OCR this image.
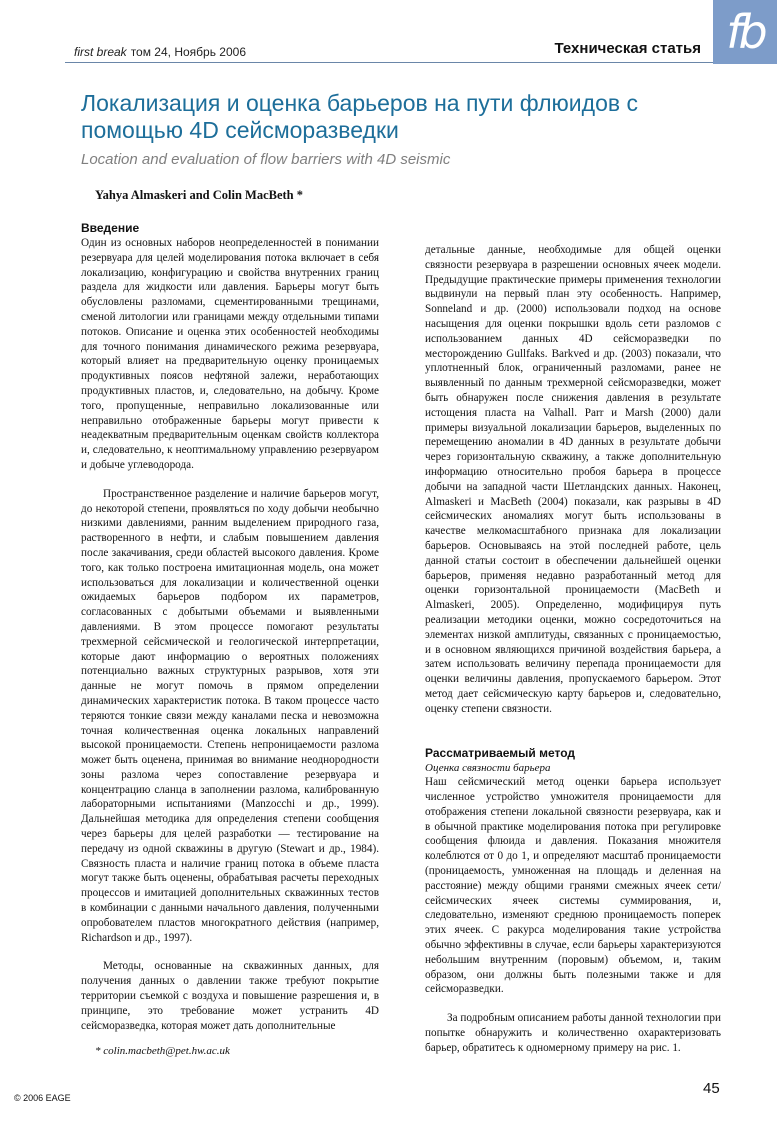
fb
first break том 24, Ноябрь 2006	Техническая статья
Локализация и оценка барьеров на пути флюидов с помощью 4D сейсморазведки
Location and evaluation of flow barriers with 4D seismic
Yahya Almaskeri and Colin MacBeth *

Введение

Один из основных наборов неопределенностей в понимании резервуара для целей моделирования потока включает в себя локализацию, конфигурацию и свойства внутренних границ раздела для жидкости или давления. Барьеры могут быть обусловлены разломами, сцементированными трещинами, сменой литологии или границами между отдельными типами потоков. Описание и оценка этих особенностей необходимы для точного понимания динамического режима резервуара, который влияет на предварительную оценку проницаемых продуктивных поясов нефтяной залежи, неработающих продуктивных пластов, и, следовательно, на добычу. Кроме того, пропущенные, неправильно локализованные или неправильно отображенные барьеры могут привести к неадекватным предварительным оценкам свойств коллектора и, следовательно, к неоптимальному управлению резервуаром и добыче углеводорода.

Пространственное разделение и наличие барьеров могут, до некоторой степени, проявляться по ходу добычи необычно низкими давлениями, ранним выделением природного газа, растворенного в нефти, и слабым повышением давления после закачивания, среди областей высокого давления. Кроме того, как только построена имитационная модель, она может использоваться для локализации и количественной оценки ожидаемых барьеров подбором их параметров, согласованных с добытыми объемами и выявленными давлениями. В этом процессе помогают результаты трехмерной сейсмической и геологической интерпретации, которые дают информацию о вероятных положениях потенциально важных структурных разрывов, хотя эти данные не могут помочь в прямом определении динамических характеристик потока. В таком процессе часто теряются тонкие связи между каналами песка и невозможна точная количественная оценка локальных направлений высокой проницаемости. Степень непроницаемости разлома может быть оценена, принимая во внимание неоднородности зоны разлома через сопоставление резервуара и концентрацию сланца в заполнении разлома, калиброванную лабораторными испытаниями (Manzocchi и др., 1999). Дальнейшая методика для определения степени сообщения через барьеры для целей разработки — тестирование на передачу из одной скважины в другую (Stewart и др., 1984). Связность пласта и наличие границ потока в объеме пласта могут также быть оценены, обрабатывая расчеты переходных процессов и имитацией дополнительных скважинных тестов в комбинации с данными начального давления, полученными опробователем пластов многократного действия (например, Richardson и др., 1997).

Методы, основанные на скважинных данных, для получения данных о давлении также требуют покрытие территории съемкой с воздуха и повышение разрешения и, в принципе, это требование может устранить 4D сейсморазведка, которая может дать дополнительные

детальные данные, необходимые для общей оценки связности резервуара в разрешении основных ячеек модели. Предыдущие практические примеры применения технологии выдвинули на первый план эту особенность. Например, Sonneland и др. (2000) использовали подход на основе насыщения для оценки покрышки вдоль сети разломов с использованием данных 4D сейсморазведки по месторождению Gullfaks. Barkved и др. (2003) показали, что уплотненный блок, ограниченный разломами, ранее не выявленный по данным трехмерной сейсморазведки, может быть обнаружен после снижения давления в результате истощения пласта на Valhall. Parr и Marsh (2000) дали примеры визуальной локализации барьеров, выделенных по перемещению аномалии в 4D данных в результате добычи через горизонтальную скважину, а также дополнительную информацию относительно пробоя барьера в процессе добычи на западной части Шетландских данных. Наконец, Almaskeri и MacBeth (2004) показали, как разрывы в 4D сейсмических аномалиях могут быть использованы в качестве мелкомасштабного признака для локализации барьеров. Основываясь на этой последней работе, цель данной статьи состоит в обеспечении дальнейшей оценки барьеров, применяя недавно разработанный метод для оценки горизонтальной проницаемости (MacBeth и Almaskeri, 2005). Определенно, модифицируя путь реализации методики оценки, можно сосредоточиться на элементах низкой амплитуды, связанных с проницаемостью, и в основном являющихся причиной воздействия барьера, а затем использовать величину перепада проницаемости для оценки величины давления, пропускаемого барьером. Этот метод дает сейсмическую карту барьеров и, следовательно, оценку степени связности.

Рассматриваемый метод

Оценка связности барьера

Наш сейсмический метод оценки барьера использует численное устройство умножителя проницаемости для отображения степени локальной связности резервуара, как и в обычной практике моделирования потока при регулировке сообщения флюида и давления. Показания множителя колеблются от 0 до 1, и определяют масштаб проницаемости (проницаемость, умноженная на площадь и деленная на расстояние) между общими гранями смежных ячеек сети/ сейсмических ячеек системы суммирования, и, следовательно, изменяют среднюю проницаемость поперек этих ячеек. С ракурса моделирования такие устройства обычно эффективны в случае, если барьеры характеризуются небольшим внутренним (поровым) объемом, и, таким образом, они должны быть полезными также и для сейсморазведки.

За подробным описанием работы данной технологии при попытке обнаружить и количественно охарактеризовать барьер, обратитесь к одномерному примеру на рис. 1.

* colin.macbeth@pet.hw.ac.uk
© 2006 EAGE
45
